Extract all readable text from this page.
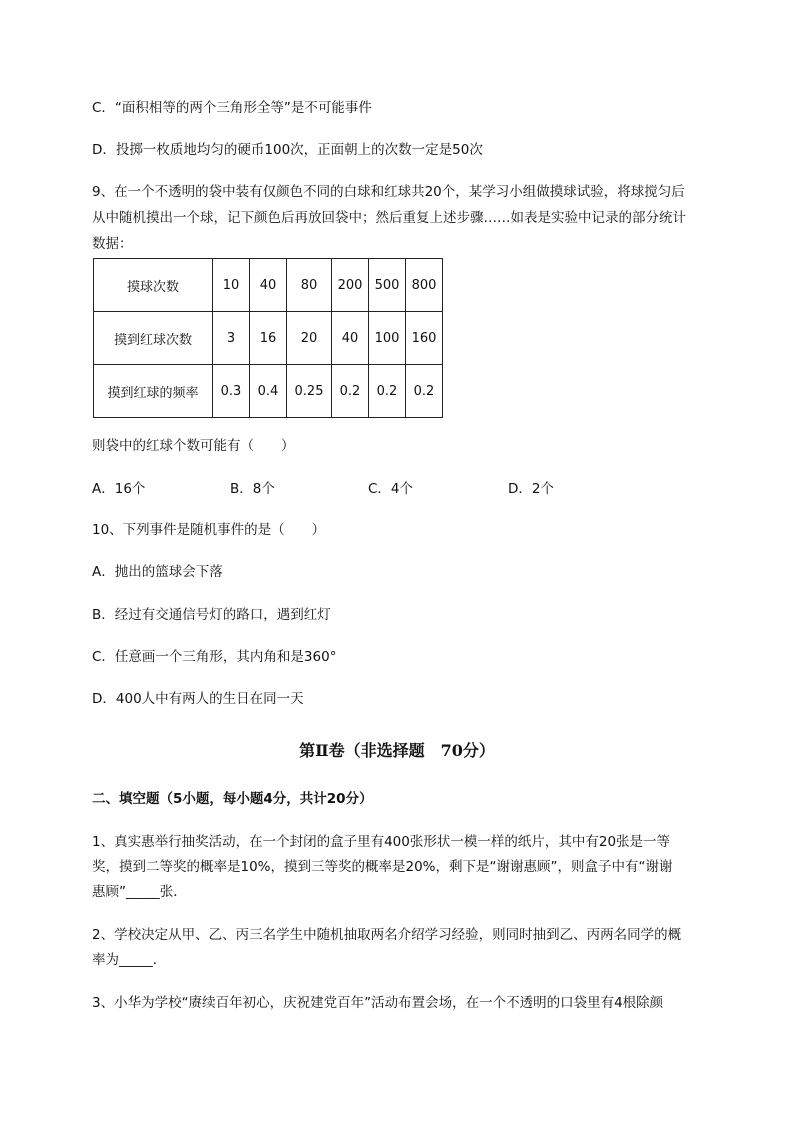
C．“面积相等的两个三角形全等”是不可能事件
D．投掷一枚质地均匀的硬币100次，正面朝上的次数一定是50次
9、在一个不透明的袋中装有仅颜色不同的白球和红球共20个，某学习小组做摸球试验，将球搅匀后
从中随机摸出一个球，记下颜色后再放回袋中；然后重复上述步骤……如表是实验中记录的部分统计
数据：
摸球次数	10	40	80	200	500	800
摸到红球次数	3	16	20	40	100	160
摸到红球的频率	0.3	0.4	0.25	0.2	0.2	0.2
则袋中的红球个数可能有（　　）
A．16个	B．8个	C．4个	D．2个
10、下列事件是随机事件的是（　　）
A．抛出的篮球会下落
B．经过有交通信号灯的路口，遇到红灯
C．任意画一个三角形，其内角和是360°
D．400人中有两人的生日在同一天
第Ⅱ卷（非选择题　70分）
二、填空题（5小题，每小题4分，共计20分）
1、真实惠举行抽奖活动，在一个封闭的盒子里有400张形状一模一样的纸片，其中有20张是一等
奖，摸到二等奖的概率是10%，摸到三等奖的概率是20%，剩下是“谢谢惠顾”，则盒子中有“谢谢
惠顾”_____张．
2、学校决定从甲、乙、丙三名学生中随机抽取两名介绍学习经验，则同时抽到乙、丙两名同学的概
率为_____．
3、小华为学校“赓续百年初心，庆祝建党百年”活动布置会场，在一个不透明的口袋里有4根除颜
